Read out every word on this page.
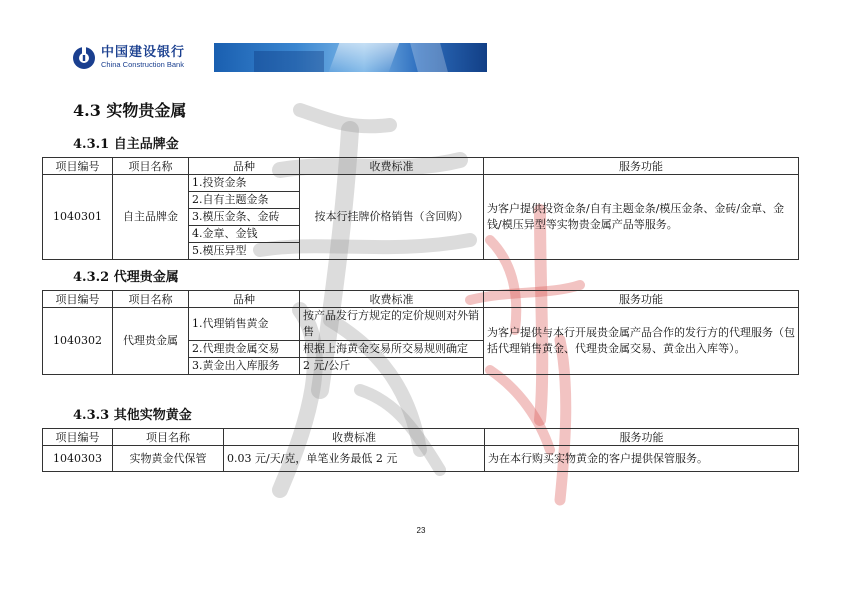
中国建设银行
China Construction Bank
4.3 实物贵金属
4.3.1 自主品牌金
项目编号	项目名称	品种	收费标准	服务功能
1040301	自主品牌金	1.投资金条	按本行挂牌价格销售（含回购）	为客户提供投资金条/自有主题金条/模压金条、金砖/金章、金钱/模压异型等实物贵金属产品等服务。
		2.自有主题金条		
		3.模压金条、金砖		
		4.金章、金钱		
		5.模压异型		
4.3.2 代理贵金属
项目编号	项目名称	品种	收费标准	服务功能
1040302	代理贵金属	1.代理销售黄金	按产品发行方规定的定价规则对外销售	为客户提供与本行开展贵金属产品合作的发行方的代理服务（包括代理销售黄金、代理贵金属交易、黄金出入库等）。
		2.代理贵金属交易	根据上海黄金交易所交易规则确定	
		3.黄金出入库服务	2 元/公斤	
4.3.3 其他实物黄金
项目编号	项目名称	收费标准	服务功能
1040303	实物黄金代保管	0.03 元/天/克，单笔业务最低 2 元	为在本行购买实物黄金的客户提供保管服务。
23
